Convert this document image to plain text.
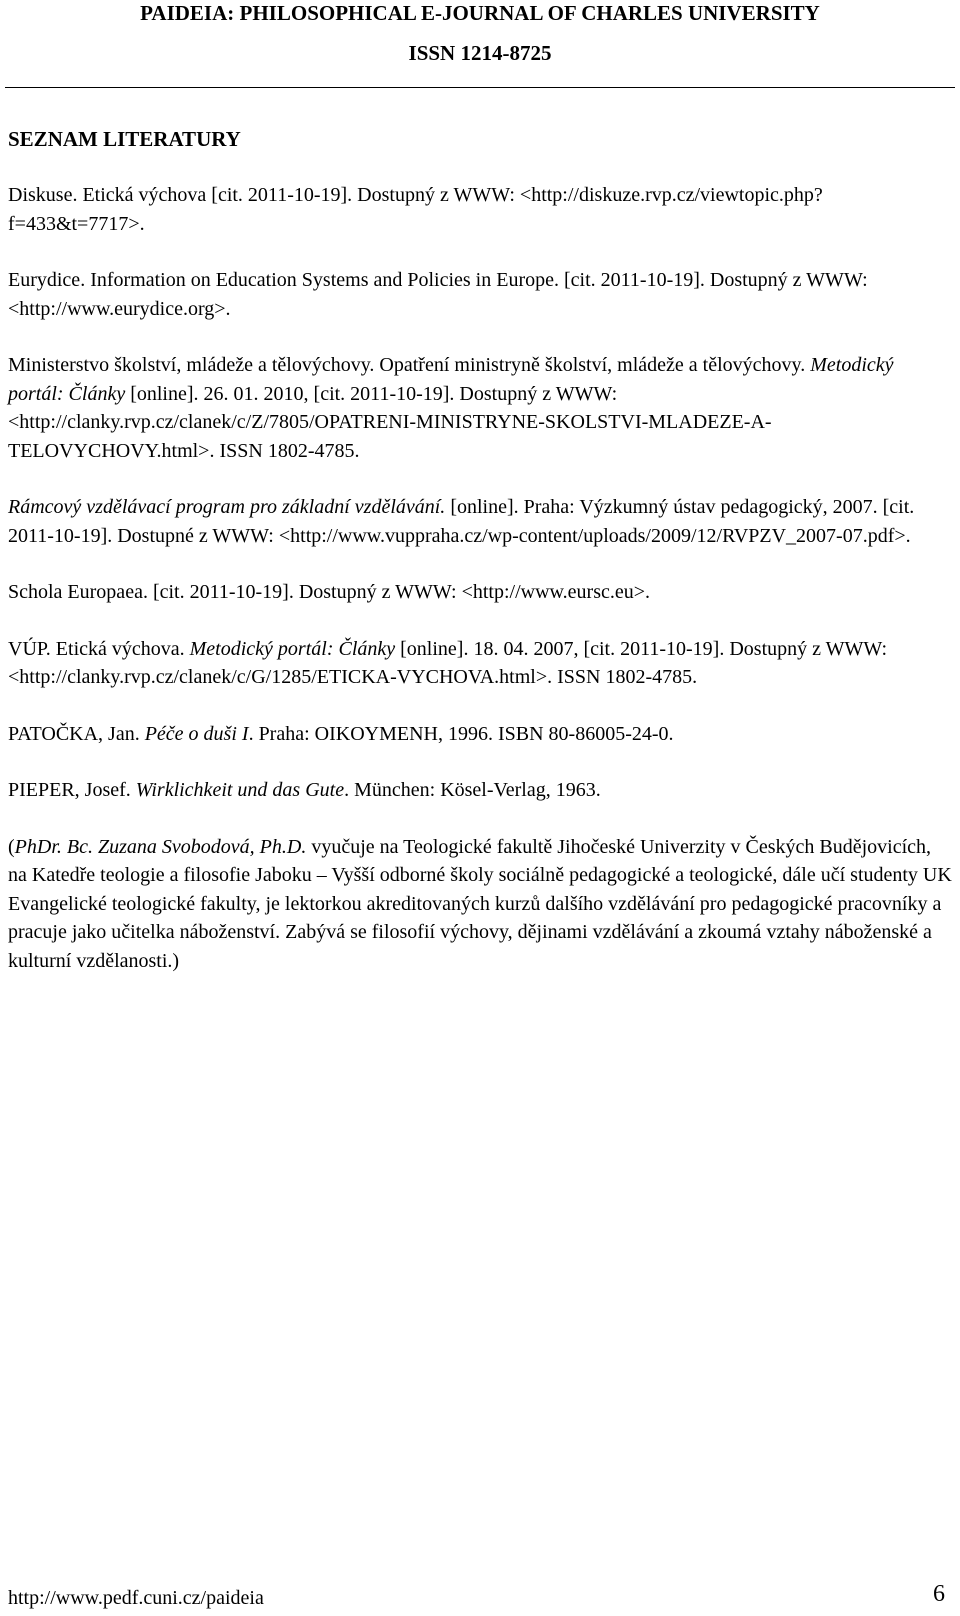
PAIDEIA: PHILOSOPHICAL E-JOURNAL OF CHARLES UNIVERSITY
ISSN 1214-8725
SEZNAM LITERATURY

Diskuse. Etická výchova [cit. 2011-10-19]. Dostupný z WWW: <http://diskuze.rvp.cz/viewtopic.php?f=433&t=7717>.

Eurydice. Information on Education Systems and Policies in Europe. [cit. 2011-10-19]. Dostupný z WWW: <http://www.eurydice.org>.

Ministerstvo školství, mládeže a tělovýchovy. Opatření ministryně školství, mládeže a tělovýchovy. Metodický portál: Články [online]. 26. 01. 2010, [cit. 2011-10-19]. Dostupný z WWW: <http://clanky.rvp.cz/clanek/c/Z/7805/OPATRENI-MINISTRYNE-SKOLSTVI-MLADEZE-A-TELOVYCHOVY.html>. ISSN 1802-4785.

Rámcový vzdělávací program pro základní vzdělávání. [online]. Praha: Výzkumný ústav pedagogický, 2007. [cit. 2011-10-19]. Dostupné z WWW: <http://www.vuppraha.cz/wp-content/uploads/2009/12/RVPZV_2007-07.pdf>.

Schola Europaea. [cit. 2011-10-19]. Dostupný z WWW: <http://www.eursc.eu>.

VÚP. Etická výchova. Metodický portál: Články [online]. 18. 04. 2007, [cit. 2011-10-19]. Dostupný z WWW: <http://clanky.rvp.cz/clanek/c/G/1285/ETICKA-VYCHOVA.html>. ISSN 1802-4785.

PATOČKA, Jan. Péče o duši I. Praha: OIKOYMENH, 1996. ISBN 80-86005-24-0.

PIEPER, Josef. Wirklichkeit und das Gute. München: Kösel-Verlag, 1963.

(PhDr. Bc. Zuzana Svobodová, Ph.D. vyučuje na Teologické fakultě Jihočeské Univerzity v Českých Budějovicích, na Katedře teologie a filosofie Jaboku – Vyšší odborné školy sociálně pedagogické a teologické, dále učí studenty UK Evangelické teologické fakulty, je lektorkou akreditovaných kurzů dalšího vzdělávání pro pedagogické pracovníky a pracuje jako učitelka náboženství. Zabývá se filosofií výchovy, dějinami vzdělávání a zkoumá vztahy náboženské a kulturní vzdělanosti.)

http://www.pedf.cuni.cz/paideia	6
